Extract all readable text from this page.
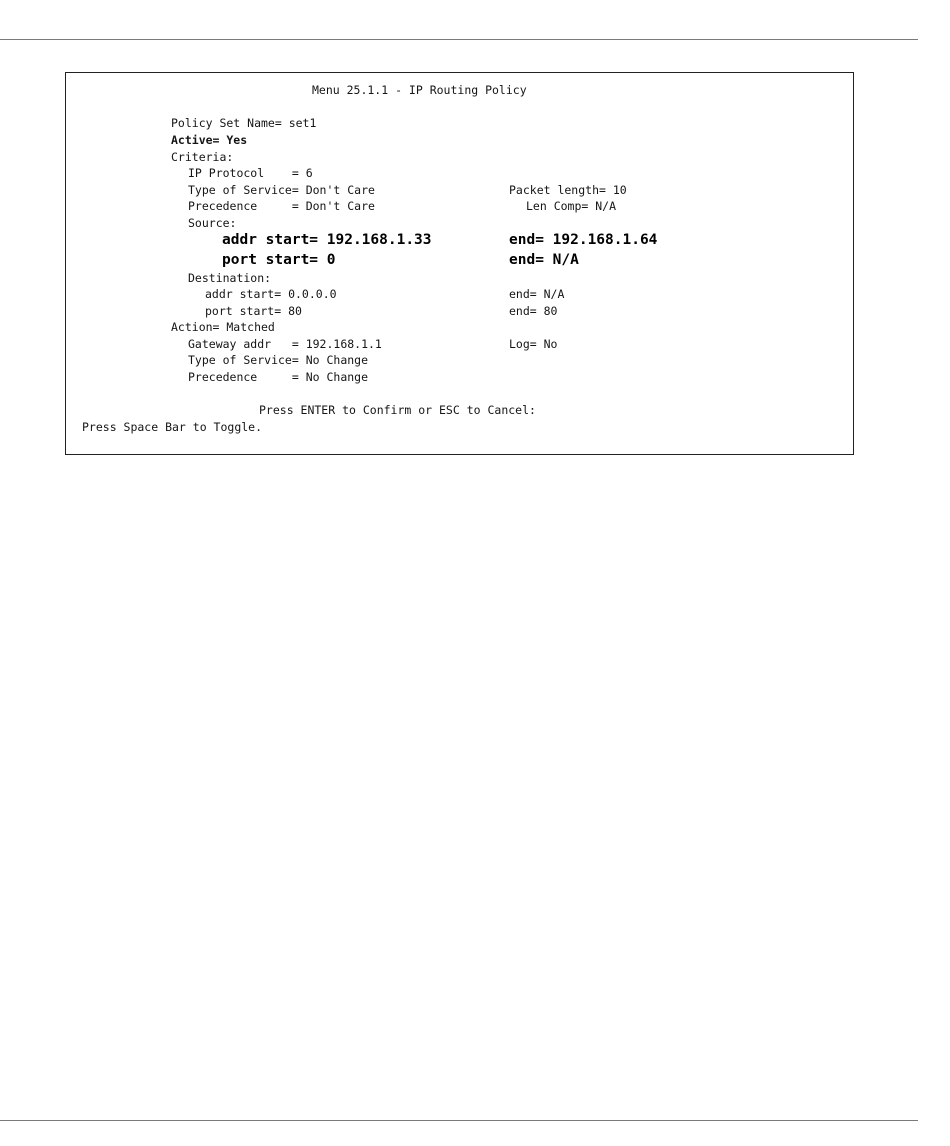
Menu 25.1.1 - IP Routing Policy
Policy Set Name= set1
Active= Yes
Criteria:
IP Protocol    = 6
Type of Service= Don't Care	Packet length= 10
Precedence     = Don't Care	Len Comp= N/A
Source:
addr start= 192.168.1.33	end= 192.168.1.64
port start= 0	end= N/A
Destination:
addr start= 0.0.0.0	end= N/A
port start= 80	end= 80
Action= Matched
Gateway addr   = 192.168.1.1	Log= No
Type of Service= No Change
Precedence     = No Change
Press ENTER to Confirm or ESC to Cancel:
Press Space Bar to Toggle.
